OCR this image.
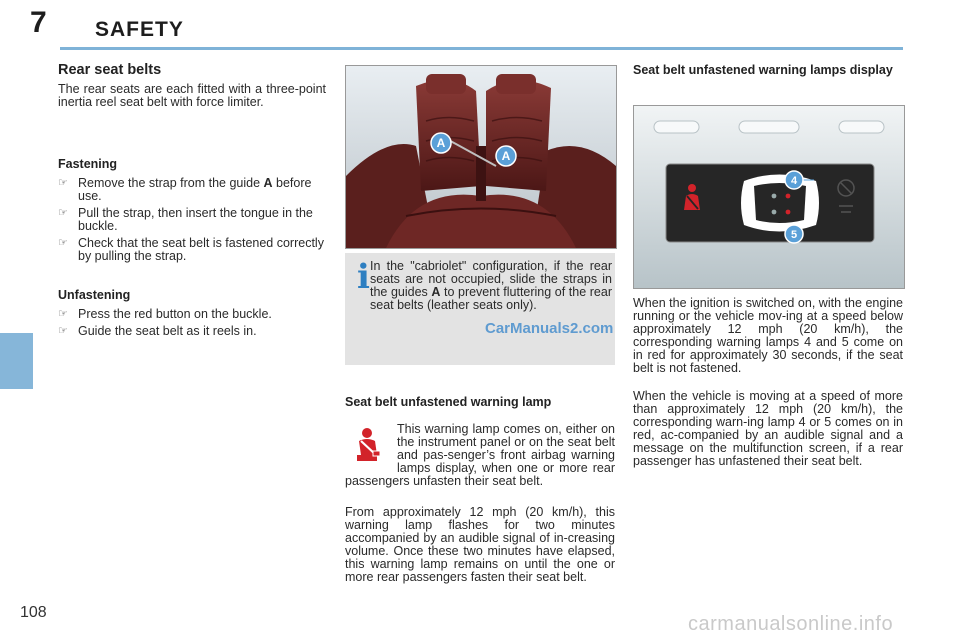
7 SAFETY
108
Rear seat belts
The rear seats are each fitted with a three-point inertia reel seat belt with force limiter.
Fastening
☞ Remove the strap from the guide A before use.
☞ Pull the strap, then insert the tongue in the buckle.
☞ Check that the seat belt is fastened correctly by pulling the strap.
Unfastening
☞ Press the red button on the buckle.
☞ Guide the seat belt as it reels in.
A
A
i In the "cabriolet" configuration, if the rear seats are not occupied, slide the straps in the guides A to prevent fluttering of the rear seat belts (leather seats only).
CarManuals2.com
Seat belt unfastened warning lamp
This warning lamp comes on, either on the instrument panel or on the seat belt and pas-senger’s front airbag warning lamps display, when one or more rear passengers unfasten their seat belt.
From approximately 12 mph (20 km/h), this warning lamp flashes for two minutes accompanied by an audible signal of in-creasing volume. Once these two minutes have elapsed, this warning lamp remains on until the one or more rear passengers fasten their seat belt.
Seat belt unfastened warning lamps display
4
5
When the ignition is switched on, with the engine running or the vehicle mov-ing at a speed below approximately 12 mph (20 km/h), the corresponding warning lamps 4 and 5 come on in red for approximately 30 seconds, if the seat belt is not fastened.
When the vehicle is moving at a speed of more than approximately 12 mph (20 km/h), the corresponding warn-ing lamp 4 or 5 comes on in red, ac-companied by an audible signal and a message on the multifunction screen, if a rear passenger has unfastened their seat belt.
carmanualsonline.info
